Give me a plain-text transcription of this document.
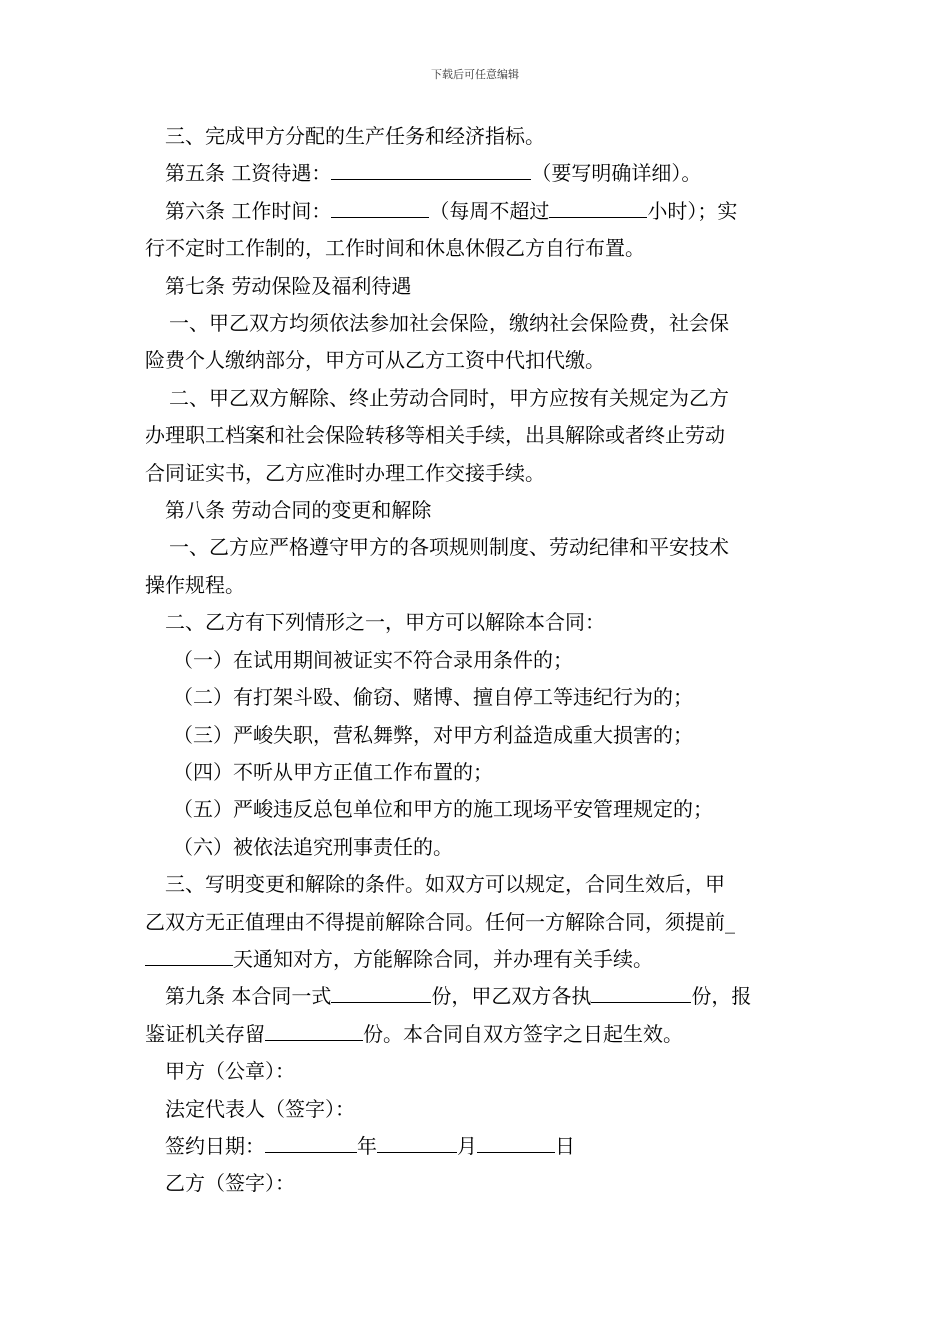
下载后可任意编辑

三、完成甲方分配的生产任务和经济指标。

第五条 工资待遇：	（要写明确详细）。

第六条 工作时间：	（每周不超过	小时）；实

行不定时工作制的，工作时间和休息休假乙方自行布置。

第七条 劳动保险及福利待遇

一、甲乙双方均须依法参加社会保险，缴纳社会保险费，社会保

险费个人缴纳部分，甲方可从乙方工资中代扣代缴。

二、甲乙双方解除、终止劳动合同时，甲方应按有关规定为乙方

办理职工档案和社会保险转移等相关手续，出具解除或者终止劳动

合同证实书，乙方应准时办理工作交接手续。

第八条 劳动合同的变更和解除

一、乙方应严格遵守甲方的各项规则制度、劳动纪律和平安技术

操作规程。

二、乙方有下列情形之一，甲方可以解除本合同：

（一）在试用期间被证实不符合录用条件的；

（二）有打架斗殴、偷窃、赌博、擅自停工等违纪行为的；

（三）严峻失职，营私舞弊，对甲方利益造成重大损害的；

（四）不听从甲方正值工作布置的；

（五）严峻违反总包单位和甲方的施工现场平安管理规定的；

（六）被依法追究刑事责任的。

三、写明变更和解除的条件。如双方可以规定，合同生效后，甲

乙双方无正值理由不得提前解除合同。任何一方解除合同，须提前_

天通知对方，方能解除合同，并办理有关手续。

第九条 本合同一式	份，甲乙双方各执	份，报

鉴证机关存留	份。本合同自双方签字之日起生效。

甲方（公章）：

法定代表人（签字）：

签约日期：	年	月	日

乙方（签字）：
